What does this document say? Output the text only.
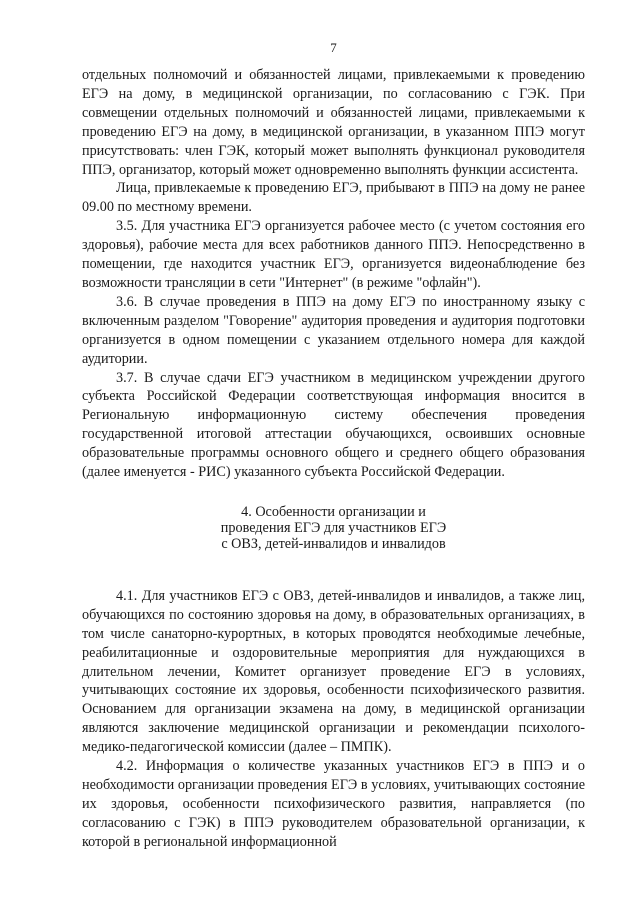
7

отдельных полномочий и обязанностей лицами, привлекаемыми к проведению ЕГЭ на дому, в медицинской организации, по согласованию с ГЭК. При совмещении отдельных полномочий и обязанностей лицами, привлекаемыми к проведению ЕГЭ на дому, в медицинской организации, в указанном ППЭ могут присутствовать: член ГЭК, который может выполнять функционал руководителя ППЭ, организатор, который может одновременно выполнять функции ассистента.

Лица, привлекаемые к проведению ЕГЭ, прибывают в ППЭ на дому не ранее 09.00 по местному времени.

3.5. Для участника ЕГЭ организуется рабочее место (с учетом состояния его здоровья), рабочие места для всех работников данного ППЭ. Непосредственно в помещении, где находится участник ЕГЭ, организуется видеонаблюдение без возможности трансляции в сети "Интернет" (в режиме "офлайн").

3.6. В случае проведения в ППЭ на дому ЕГЭ по иностранному языку с включенным разделом "Говорение" аудитория проведения и аудитория подготовки организуется в одном помещении с указанием отдельного номера для каждой аудитории.

3.7. В случае сдачи ЕГЭ участником в медицинском учреждении другого субъекта Российской Федерации соответствующая информация вносится в Региональную информационную систему обеспечения проведения государственной итоговой аттестации обучающихся, освоивших основные образовательные программы основного общего и среднего общего образования (далее именуется - РИС) указанного субъекта Российской Федерации.

4. Особенности организации и
проведения ЕГЭ для участников ЕГЭ
с ОВЗ, детей-инвалидов и инвалидов

4.1. Для участников ЕГЭ с ОВЗ, детей-инвалидов и инвалидов, а также лиц, обучающихся по состоянию здоровья на дому, в образовательных организациях, в том числе санаторно-курортных, в которых проводятся необходимые лечебные, реабилитационные и оздоровительные мероприятия для нуждающихся в длительном лечении, Комитет организует проведение ЕГЭ в условиях, учитывающих состояние их здоровья, особенности психофизического развития. Основанием для организации экзамена на дому, в медицинской организации являются заключение медицинской организации и рекомендации психолого-медико-педагогической комиссии (далее – ПМПК).

4.2. Информация о количестве указанных участников ЕГЭ в ППЭ и о необходимости организации проведения ЕГЭ в условиях, учитывающих состояние их здоровья, особенности психофизического развития, направляется (по согласованию с ГЭК) в ППЭ руководителем образовательной организации, к которой в региональной информационной
